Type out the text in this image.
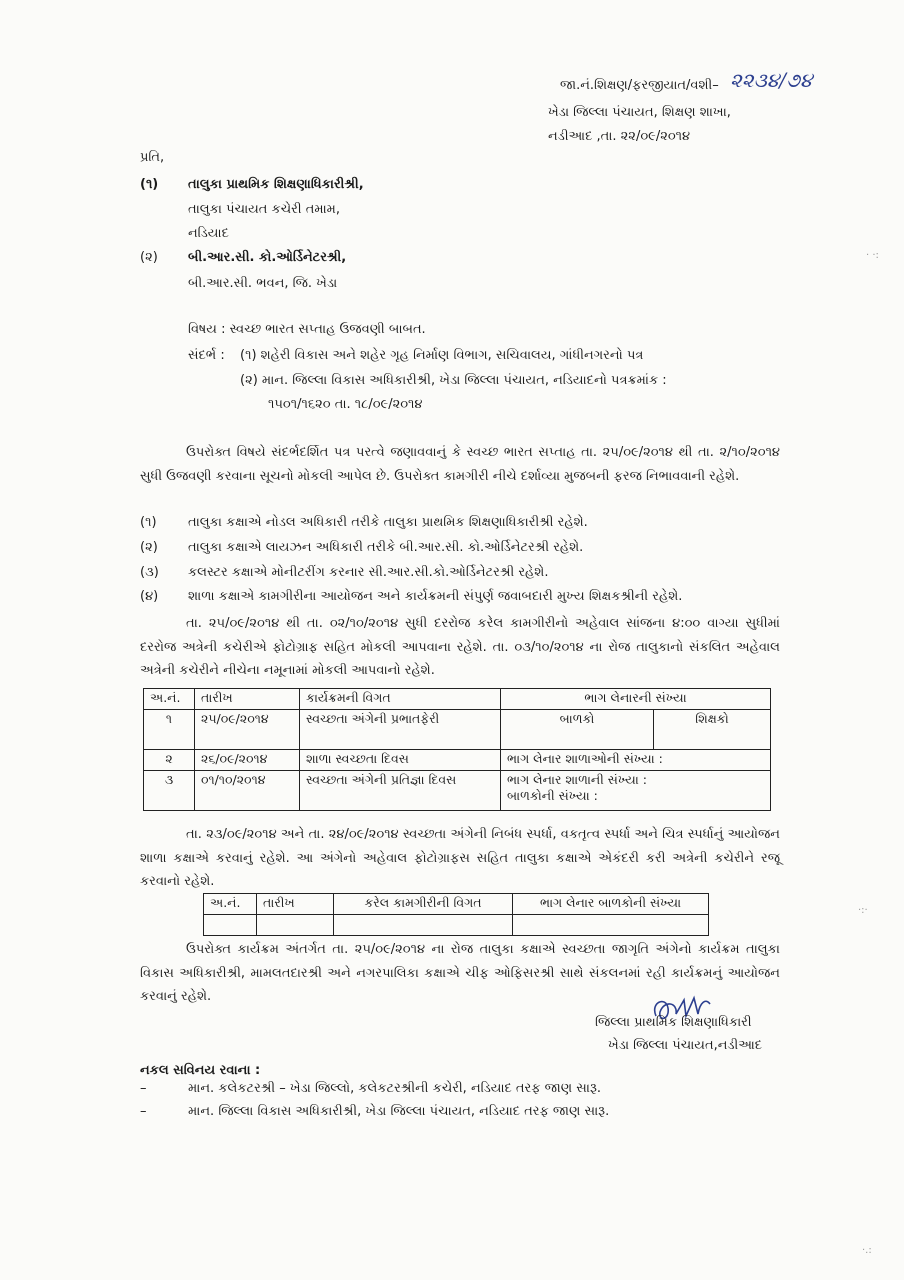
જા.નં.શિક્ષણ/ફરજીયાત/વશી– ૨૨૩૪/૭૪
ખેડા જિલ્લા પંચાયત, શિક્ષણ શાખા,
નડીઆદ ,તા. ૨૨/૦૯/૨૦૧૪
પ્રતિ,
(૧) તાલુકા પ્રાથમિક શિક્ષણાધિકારીશ્રી,
તાલુકા પંચાયત કચેરી તમામ,
નડિયાદ
(૨) બી.આર.સી. કો.ઓર્ડિનેટરશ્રી,
બી.આર.સી. ભવન, જિ. ખેડા
વિષય : સ્વચ્છ ભારત સપ્તાહ ઉજવણી બાબત.
સંદર્ભ : (૧) શહેરી વિકાસ અને શહેર ગૃહ નિર્માણ વિભાગ, સચિવાલય, ગાંધીનગરનો પત્ર
(૨) માન. જિલ્લા વિકાસ અધિકારીશ્રી, ખેડા જિલ્લા પંચાયત, નડિયાદનો પત્રક્રમાંક :
૧૫૦૧/૧૬૨૦ તા. ૧૮/૦૯/૨૦૧૪
ઉપરોક્ત વિષયે સંદર્ભદર્શિત પત્ર પરત્વે જણાવવાનું કે સ્વચ્છ ભારત સપ્તાહ તા. ૨૫/૦૯/૨૦૧૪ થી તા. ૨/૧૦/૨૦૧૪ સુધી ઉજવણી કરવાના સૂચનો મોકલી આપેલ છે. ઉપરોક્ત કામગીરી નીચે દર્શાવ્યા મુજબની ફરજ નિભાવવાની રહેશે.
(૧) તાલુકા કક્ષાએ નોડલ અધિકારી તરીકે તાલુકા પ્રાથમિક શિક્ષણાધિકારીશ્રી રહેશે.
(૨) તાલુકા કક્ષાએ લાયઝન અધિકારી તરીકે બી.આર.સી. કો.ઓર્ડિનેટરશ્રી રહેશે.
(૩) કલસ્ટર કક્ષાએ મોનીટરીંગ કરનાર સી.આર.સી.કો.ઓર્ડિનેટરશ્રી રહેશે.
(૪) શાળા કક્ષાએ કામગીરીના આયોજન અને કાર્યક્રમની સંપુર્ણ જવાબદારી મુખ્ય શિક્ષકશ્રીની રહેશે.
તા. ૨૫/૦૯/૨૦૧૪ થી તા. ૦૨/૧૦/૨૦૧૪ સુધી દરરોજ કરેલ કામગીરીનો અહેવાલ સાંજના ૪:૦૦ વાગ્યા સુધીમાં દરરોજ અત્રેની કચેરીએ ફોટોગ્રાફ સહિત મોકલી આપવાના રહેશે. તા. ૦૩/૧૦/૨૦૧૪ ના રોજ તાલુકાનો સંકલિત અહેવાલ અત્રેની કચેરીને નીચેના નમૂનામાં મોકલી આપવાનો રહેશે.
અ.નં.	તારીખ	કાર્યક્રમની વિગત	ભાગ લેનારની સંખ્યા	
૧	૨૫/૦૯/૨૦૧૪	સ્વચ્છતા અંગેની પ્રભાતફેરી	બાળકો	શિક્ષકો
૨	૨૬/૦૯/૨૦૧૪	શાળા સ્વચ્છતા દિવસ	ભાગ લેનાર શાળાઓની સંખ્યા :	
૩	૦૧/૧૦/૨૦૧૪	સ્વચ્છતા અંગેની પ્રતિજ્ઞા દિવસ	ભાગ લેનાર શાળાની સંખ્યા :
બાળકોની સંખ્યા :	
તા. ૨૩/૦૯/૨૦૧૪ અને તા. ૨૪/૦૯/૨૦૧૪ સ્વચ્છતા અંગેની નિબંધ સ્પર્ધા, વકતૃત્વ સ્પર્ધા અને ચિત્ર સ્પર્ધાનું આયોજન શાળા કક્ષાએ કરવાનું રહેશે. આ અંગેનો અહેવાલ ફોટોગ્રાફસ સહિત તાલુકા કક્ષાએ એકંદરી કરી અત્રેની કચેરીને રજૂ કરવાનો રહેશે.
અ.નં.	તારીખ	કરેલ કામગીરીની વિગત	ભાગ લેનાર બાળકોની સંખ્યા

ઉપરોક્ત કાર્યક્રમ અંતર્ગત તા. ૨૫/૦૯/૨૦૧૪ ના રોજ તાલુકા કક્ષાએ સ્વચ્છતા જાગૃતિ અંગેનો કાર્યક્રમ તાલુકા વિકાસ અધિકારીશ્રી, મામલતદારશ્રી અને નગરપાલિકા કક્ષાએ ચીફ ઓફિસરશ્રી સાથે સંકલનમાં રહી કાર્યક્રમનું આયોજન કરવાનું રહેશે.
જિલ્લા પ્રાથમિક શિક્ષણાધિકારી
ખેડા જિલ્લા પંચાયત,નડીઆદ
નકલ સવિનય રવાના :
–	માન. કલેકટરશ્રી – ખેડા જિલ્લો, કલેકટરશ્રીની કચેરી, નડિયાદ તરફ જાણ સારૂ.
–	માન. જિલ્લા વિકાસ અધિકારીશ્રી, ખેડા જિલ્લા પંચાયત, નડિયાદ તરફ જાણ સારૂ.
· ·:
·:·
·.:
